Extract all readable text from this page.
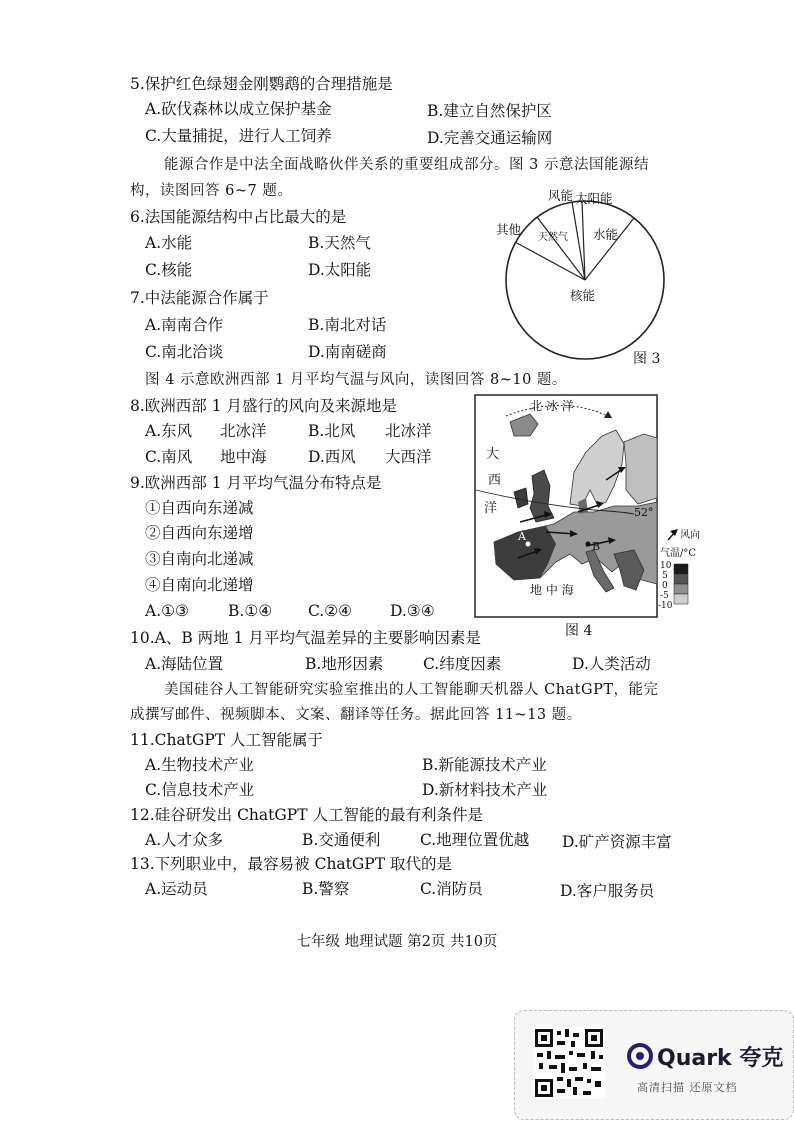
5.保护红色绿翅金刚鹦鹉的合理措施是
A.砍伐森林以成立保护基金	B.建立自然保护区
C.大量捕捉，进行人工饲养	D.完善交通运输网
能源合作是中法全面战略伙伴关系的重要组成部分。图 3 示意法国能源结
构，读图回答 6~7 题。
6.法国能源结构中占比最大的是
A.水能	B.天然气
C.核能	D.太阳能
7.中法能源合作属于
A.南南合作	B.南北对话
C.南北洽谈	D.南南磋商
风能 太阳能
其他
天然气 水能
核能
图 3
图 4 示意欧洲西部 1 月平均气温与风向，读图回答 8~10 题。
8.欧洲西部 1 月盛行的风向及来源地是
A.东风 北冰洋	B.北风 北冰洋
C.南风 地中海	D.西风 大西洋
9.欧洲西部 1 月平均气温分布特点是
①自西向东递减
②自西向东递增
③自南向北递减
④自南向北递增
A.①③	B.①④ C.②④ D.③④
北 冰 洋
大
西
洋
地 中 海
52°
A
B
风向
气温/°C
10
5
0
-5
-10
图 4
10.A、B 两地 1 月平均气温差异的主要影响因素是
A.海陆位置	B.地形因素	C.纬度因素	D.人类活动
美国硅谷人工智能研究实验室推出的人工智能聊天机器人 ChatGPT，能完
成撰写邮件、视频脚本、文案、翻译等任务。据此回答 11~13 题。
11.ChatGPT 人工智能属于
A.生物技术产业	B.新能源技术产业
C.信息技术产业	D.新材料技术产业
12.硅谷研发出 ChatGPT 人工智能的最有利条件是
A.人才众多	B.交通便利	C.地理位置优越 D.矿产资源丰富
13.下列职业中，最容易被 ChatGPT 取代的是
A.运动员	B.警察	C.消防员	D.客户服务员
七年级 地理试题 第2页 共10页
Quark 夸克
高清扫描 还原文档
